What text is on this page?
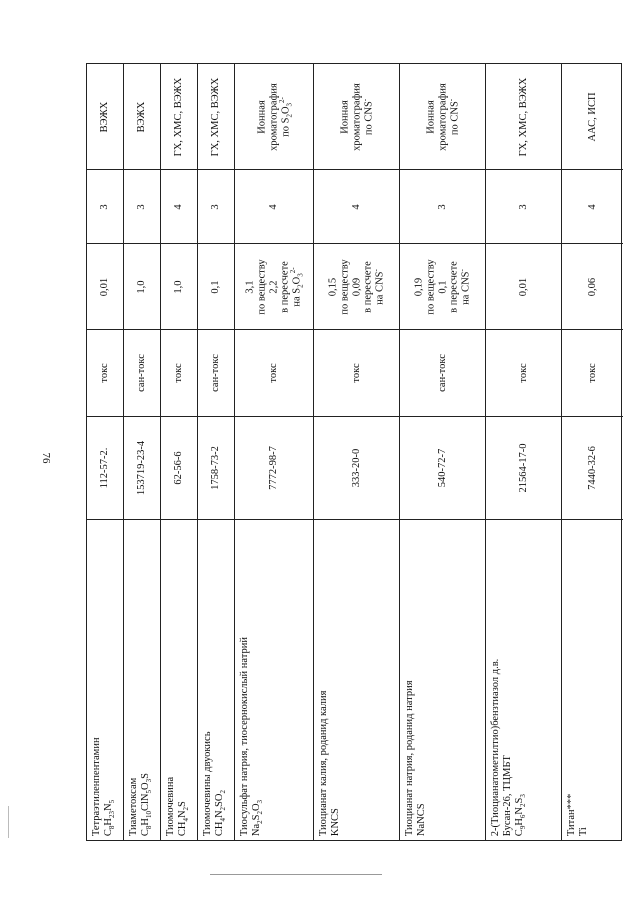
76
ВЭЖХ
3
0,01
токс
112-57-2.
Тетраэтиленпентамин $C_8H_{23}N_5$
ВЭЖХ
3
1,0
сан-токс
153719-23-4
Тиаметоксам $C_8H_{10}ClN_5O_3S$
ГХ, ХМС, ВЭЖХ
4
1,0
токс
62-56-6
Тиомочевина $CH_4N_2S$
ГХ, ХМС, ВЭЖХ
3
0,1
сан-токс
1758-73-2
Тиомочевины двуокись $CH_4N_2SO_2$
Ионная хроматография по $S_2O_3^{2-}$
4
3,1 по веществу 2,2 в пересчете на $S_2O_3^{2-}$
токс
7772-98-7
Тиосульфат натрия, тиосернокислый натрий $Na_2S_2O_3$
Ионная хроматография по CNS-
4
0,15 по веществу 0,09 в пересчете на CNS-
токс
333-20-0
Тиоцианат калия, роданид калия KNCS
Ионная хроматография по CNS-
3
0,19 по веществу 0,1 в пересчете на CNS-
сан-токс
540-72-7
Тиоцианат натрия, роданид натрия NaNCS
ГХ, ХМС, ВЭЖХ
3
0,01
токс
21564-17-0
2-(Тиоцианатометилтио)бензтиазол д.в. Бусан-26, ТЦМБТ $C_9H_6N_2S_3$
ААС, ИСП
4
0,06
токс
7440-32-6
Титан*** Ti
